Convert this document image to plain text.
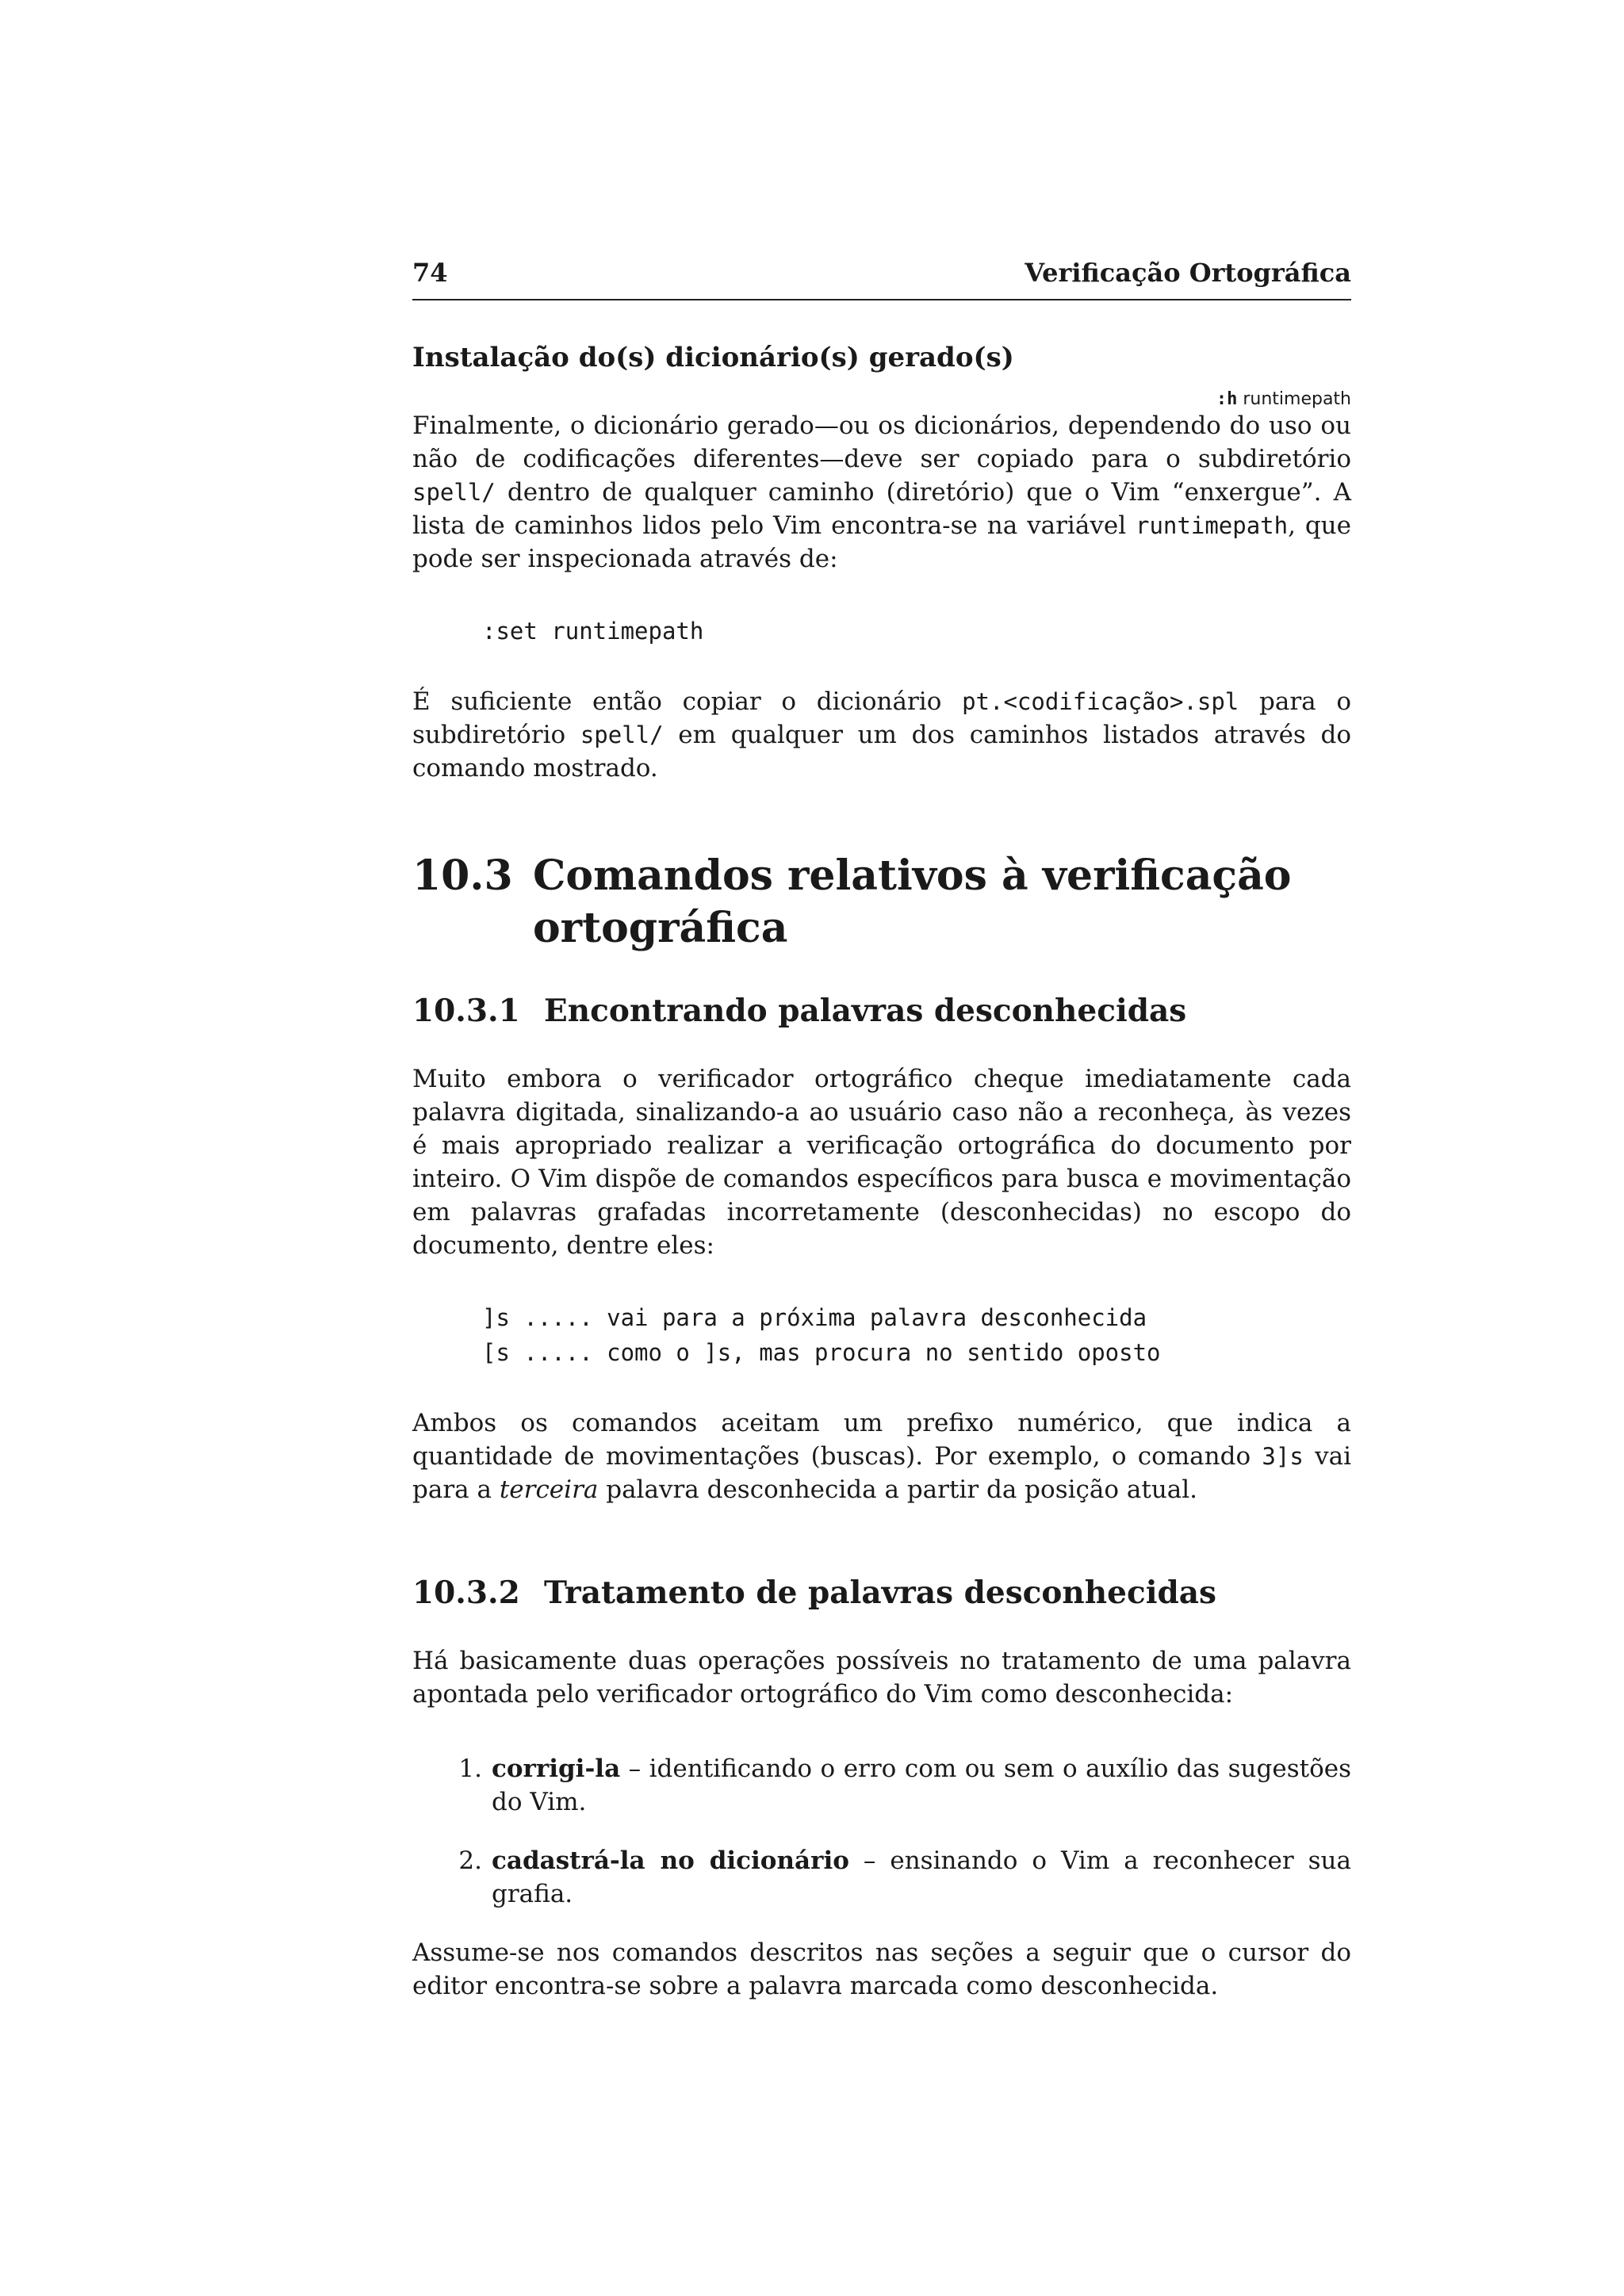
74	Verificação Ortográfica
Instalação do(s) dicionário(s) gerado(s)
:h runtimepath

Finalmente, o dicionário gerado—ou os dicionários, dependendo do uso ou não de codificações diferentes—deve ser copiado para o subdiretório spell/ dentro de qualquer caminho (diretório) que o Vim “enxergue”. A lista de caminhos lidos pelo Vim encontra-se na variável runtimepath, que pode ser inspecionada através de:

:set runtimepath

É suficiente então copiar o dicionário pt.<codificação>.spl para o subdiretório spell/ em qualquer um dos caminhos listados através do comando mostrado.

10.3 Comandos relativos à verificação ortográfica
10.3.1 Encontrando palavras desconhecidas

Muito embora o verificador ortográfico cheque imediatamente cada palavra digitada, sinalizando-a ao usuário caso não a reconheça, às vezes é mais apropriado realizar a verificação ortográfica do documento por inteiro. O Vim dispõe de comandos específicos para busca e movimentação em palavras grafadas incorretamente (desconhecidas) no escopo do documento, dentre eles:

]s ..... vai para a próxima palavra desconhecida
[s ..... como o ]s, mas procura no sentido oposto

Ambos os comandos aceitam um prefixo numérico, que indica a quantidade de movimentações (buscas). Por exemplo, o comando 3]s vai para a terceira palavra desconhecida a partir da posição atual.

10.3.2 Tratamento de palavras desconhecidas

Há basicamente duas operações possíveis no tratamento de uma palavra apontada pelo verificador ortográfico do Vim como desconhecida:

1. corrigi-la – identificando o erro com ou sem o auxílio das sugestões do Vim.
2. cadastrá-la no dicionário – ensinando o Vim a reconhecer sua grafia.

Assume-se nos comandos descritos nas seções a seguir que o cursor do editor encontra-se sobre a palavra marcada como desconhecida.
